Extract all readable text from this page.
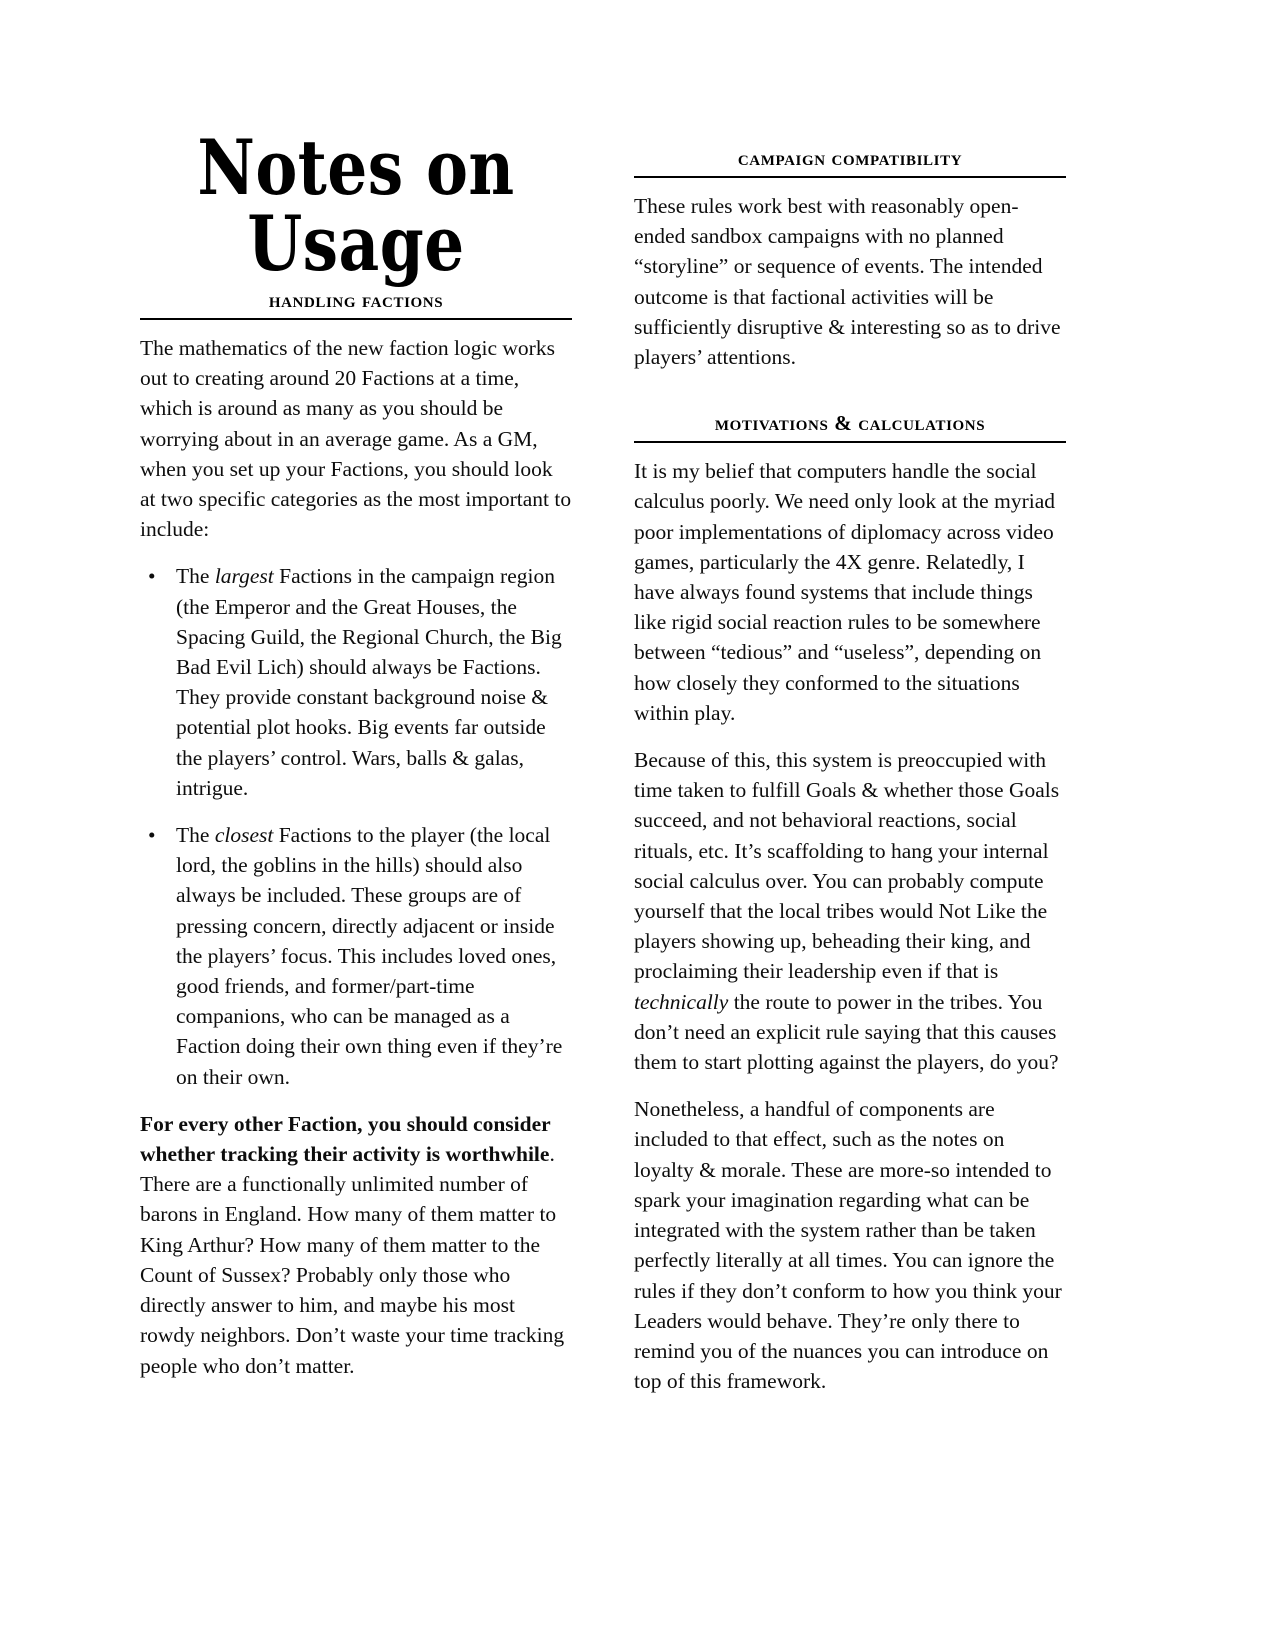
Notes on Usage
handling factions

The mathematics of the new faction logic works out to creating around 20 Factions at a time, which is around as many as you should be worrying about in an average game. As a GM, when you set up your Factions, you should look at two specific categories as the most important to include:

• The largest Factions in the campaign region (the Emperor and the Great Houses, the Spacing Guild, the Regional Church, the Big Bad Evil Lich) should always be Factions. They provide constant background noise & potential plot hooks. Big events far outside the players’ control. Wars, balls & galas, intrigue.
• The closest Factions to the player (the local lord, the goblins in the hills) should also always be included. These groups are of pressing concern, directly adjacent or inside the players’ focus. This includes loved ones, good friends, and former/part-time companions, who can be managed as a Faction doing their own thing even if they’re on their own.

For every other Faction, you should consider whether tracking their activity is worthwhile. There are a functionally unlimited number of barons in England. How many of them matter to King Arthur? How many of them matter to the Count of Sussex? Probably only those who directly answer to him, and maybe his most rowdy neighbors. Don’t waste your time tracking people who don’t matter.

campaign compatibility

These rules work best with reasonably open-ended sandbox campaigns with no planned “storyline” or sequence of events. The intended outcome is that factional activities will be sufficiently disruptive & interesting so as to drive players’ attentions.

motivations & calculations

It is my belief that computers handle the social calculus poorly. We need only look at the myriad poor implementations of diplomacy across video games, particularly the 4X genre. Relatedly, I have always found systems that include things like rigid social reaction rules to be somewhere between “tedious” and “useless”, depending on how closely they conformed to the situations within play.

Because of this, this system is preoccupied with time taken to fulfill Goals & whether those Goals succeed, and not behavioral reactions, social rituals, etc. It’s scaffolding to hang your internal social calculus over. You can probably compute yourself that the local tribes would Not Like the players showing up, beheading their king, and proclaiming their leadership even if that is technically the route to power in the tribes. You don’t need an explicit rule saying that this causes them to start plotting against the players, do you?

Nonetheless, a handful of components are included to that effect, such as the notes on loyalty & morale. These are more-so intended to spark your imagination regarding what can be integrated with the system rather than be taken perfectly literally at all times. You can ignore the rules if they don’t conform to how you think your Leaders would behave. They’re only there to remind you of the nuances you can introduce on top of this framework.
